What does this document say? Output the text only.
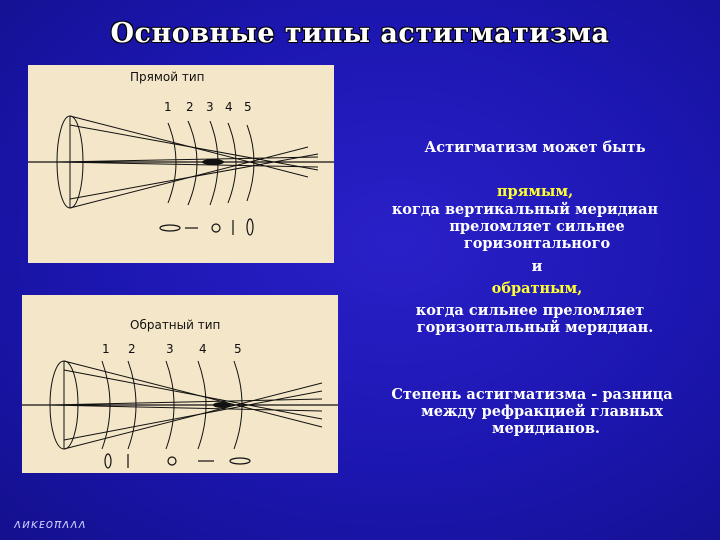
Основные типы астигматизма
Прямой тип
1 2 3 4 5
Обратный тип
1 2	3 4 5
Астигматизм может быть
прямым,
когда вертикальный меридиан
преломляет сильнее
горизонтального
и
обратным,
когда сильнее преломляет
горизонтальный меридиан.
Степень астигматизма - разница
между рефракцией главных
меридианов.
ᴧᴎᴋᴇᴏπᴧᴧᴧ
